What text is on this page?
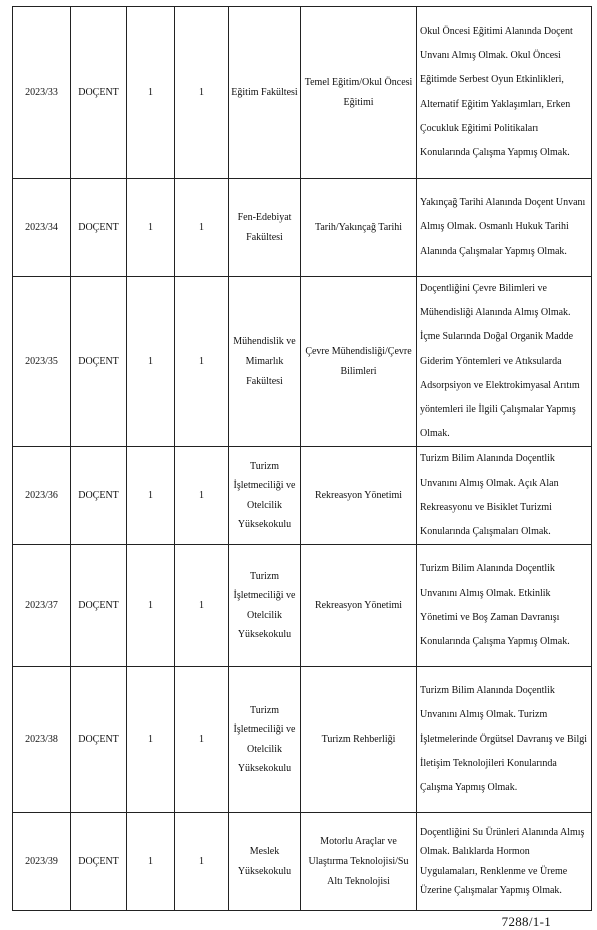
2023/33	DOÇENT	1	1	Eğitim Fakültesi	Temel Eğitim/Okul Öncesi Eğitimi	Okul Öncesi Eğitimi Alanında Doçent Unvanı Almış Olmak. Okul Öncesi Eğitimde Serbest Oyun Etkinlikleri, Alternatif Eğitim Yaklaşımları, Erken Çocukluk Eğitimi Politikaları Konularında Çalışma Yapmış Olmak.
2023/34	DOÇENT	1	1	Fen-Edebiyat Fakültesi	Tarih/Yakınçağ Tarihi	Yakınçağ Tarihi Alanında Doçent Unvanı Almış Olmak. Osmanlı Hukuk Tarihi Alanında Çalışmalar Yapmış Olmak.
2023/35	DOÇENT	1	1	Mühendislik ve Mimarlık Fakültesi	Çevre Mühendisliği/Çevre Bilimleri	Doçentliğini Çevre Bilimleri ve Mühendisliği Alanında Almış Olmak. İçme Sularında Doğal Organik Madde Giderim Yöntemleri ve Atıksularda Adsorpsiyon ve Elektrokimyasal Arıtım yöntemleri ile İlgili Çalışmalar Yapmış Olmak.
2023/36	DOÇENT	1	1	Turizm İşletmeciliği ve Otelcilik Yüksekokulu	Rekreasyon Yönetimi	Turizm Bilim Alanında Doçentlik Unvanını Almış Olmak. Açık Alan Rekreasyonu ve Bisiklet Turizmi Konularında Çalışmaları Olmak.
2023/37	DOÇENT	1	1	Turizm İşletmeciliği ve Otelcilik Yüksekokulu	Rekreasyon Yönetimi	Turizm Bilim Alanında Doçentlik Unvanını Almış Olmak. Etkinlik Yönetimi ve Boş Zaman Davranışı Konularında Çalışma Yapmış Olmak.
2023/38	DOÇENT	1	1	Turizm İşletmeciliği ve Otelcilik Yüksekokulu	Turizm Rehberliği	Turizm Bilim Alanında Doçentlik Unvanını Almış Olmak. Turizm İşletmelerinde Örgütsel Davranış ve Bilgi İletişim Teknolojileri Konularında Çalışma Yapmış Olmak.
2023/39	DOÇENT	1	1	Meslek Yüksekokulu	Motorlu Araçlar ve Ulaştırma Teknolojisi/Su Altı Teknolojisi	Doçentliğini Su Ürünleri Alanında Almış Olmak. Balıklarda Hormon Uygulamaları, Renklenme ve Üreme Üzerine Çalışmalar Yapmış Olmak.
7288/1-1
